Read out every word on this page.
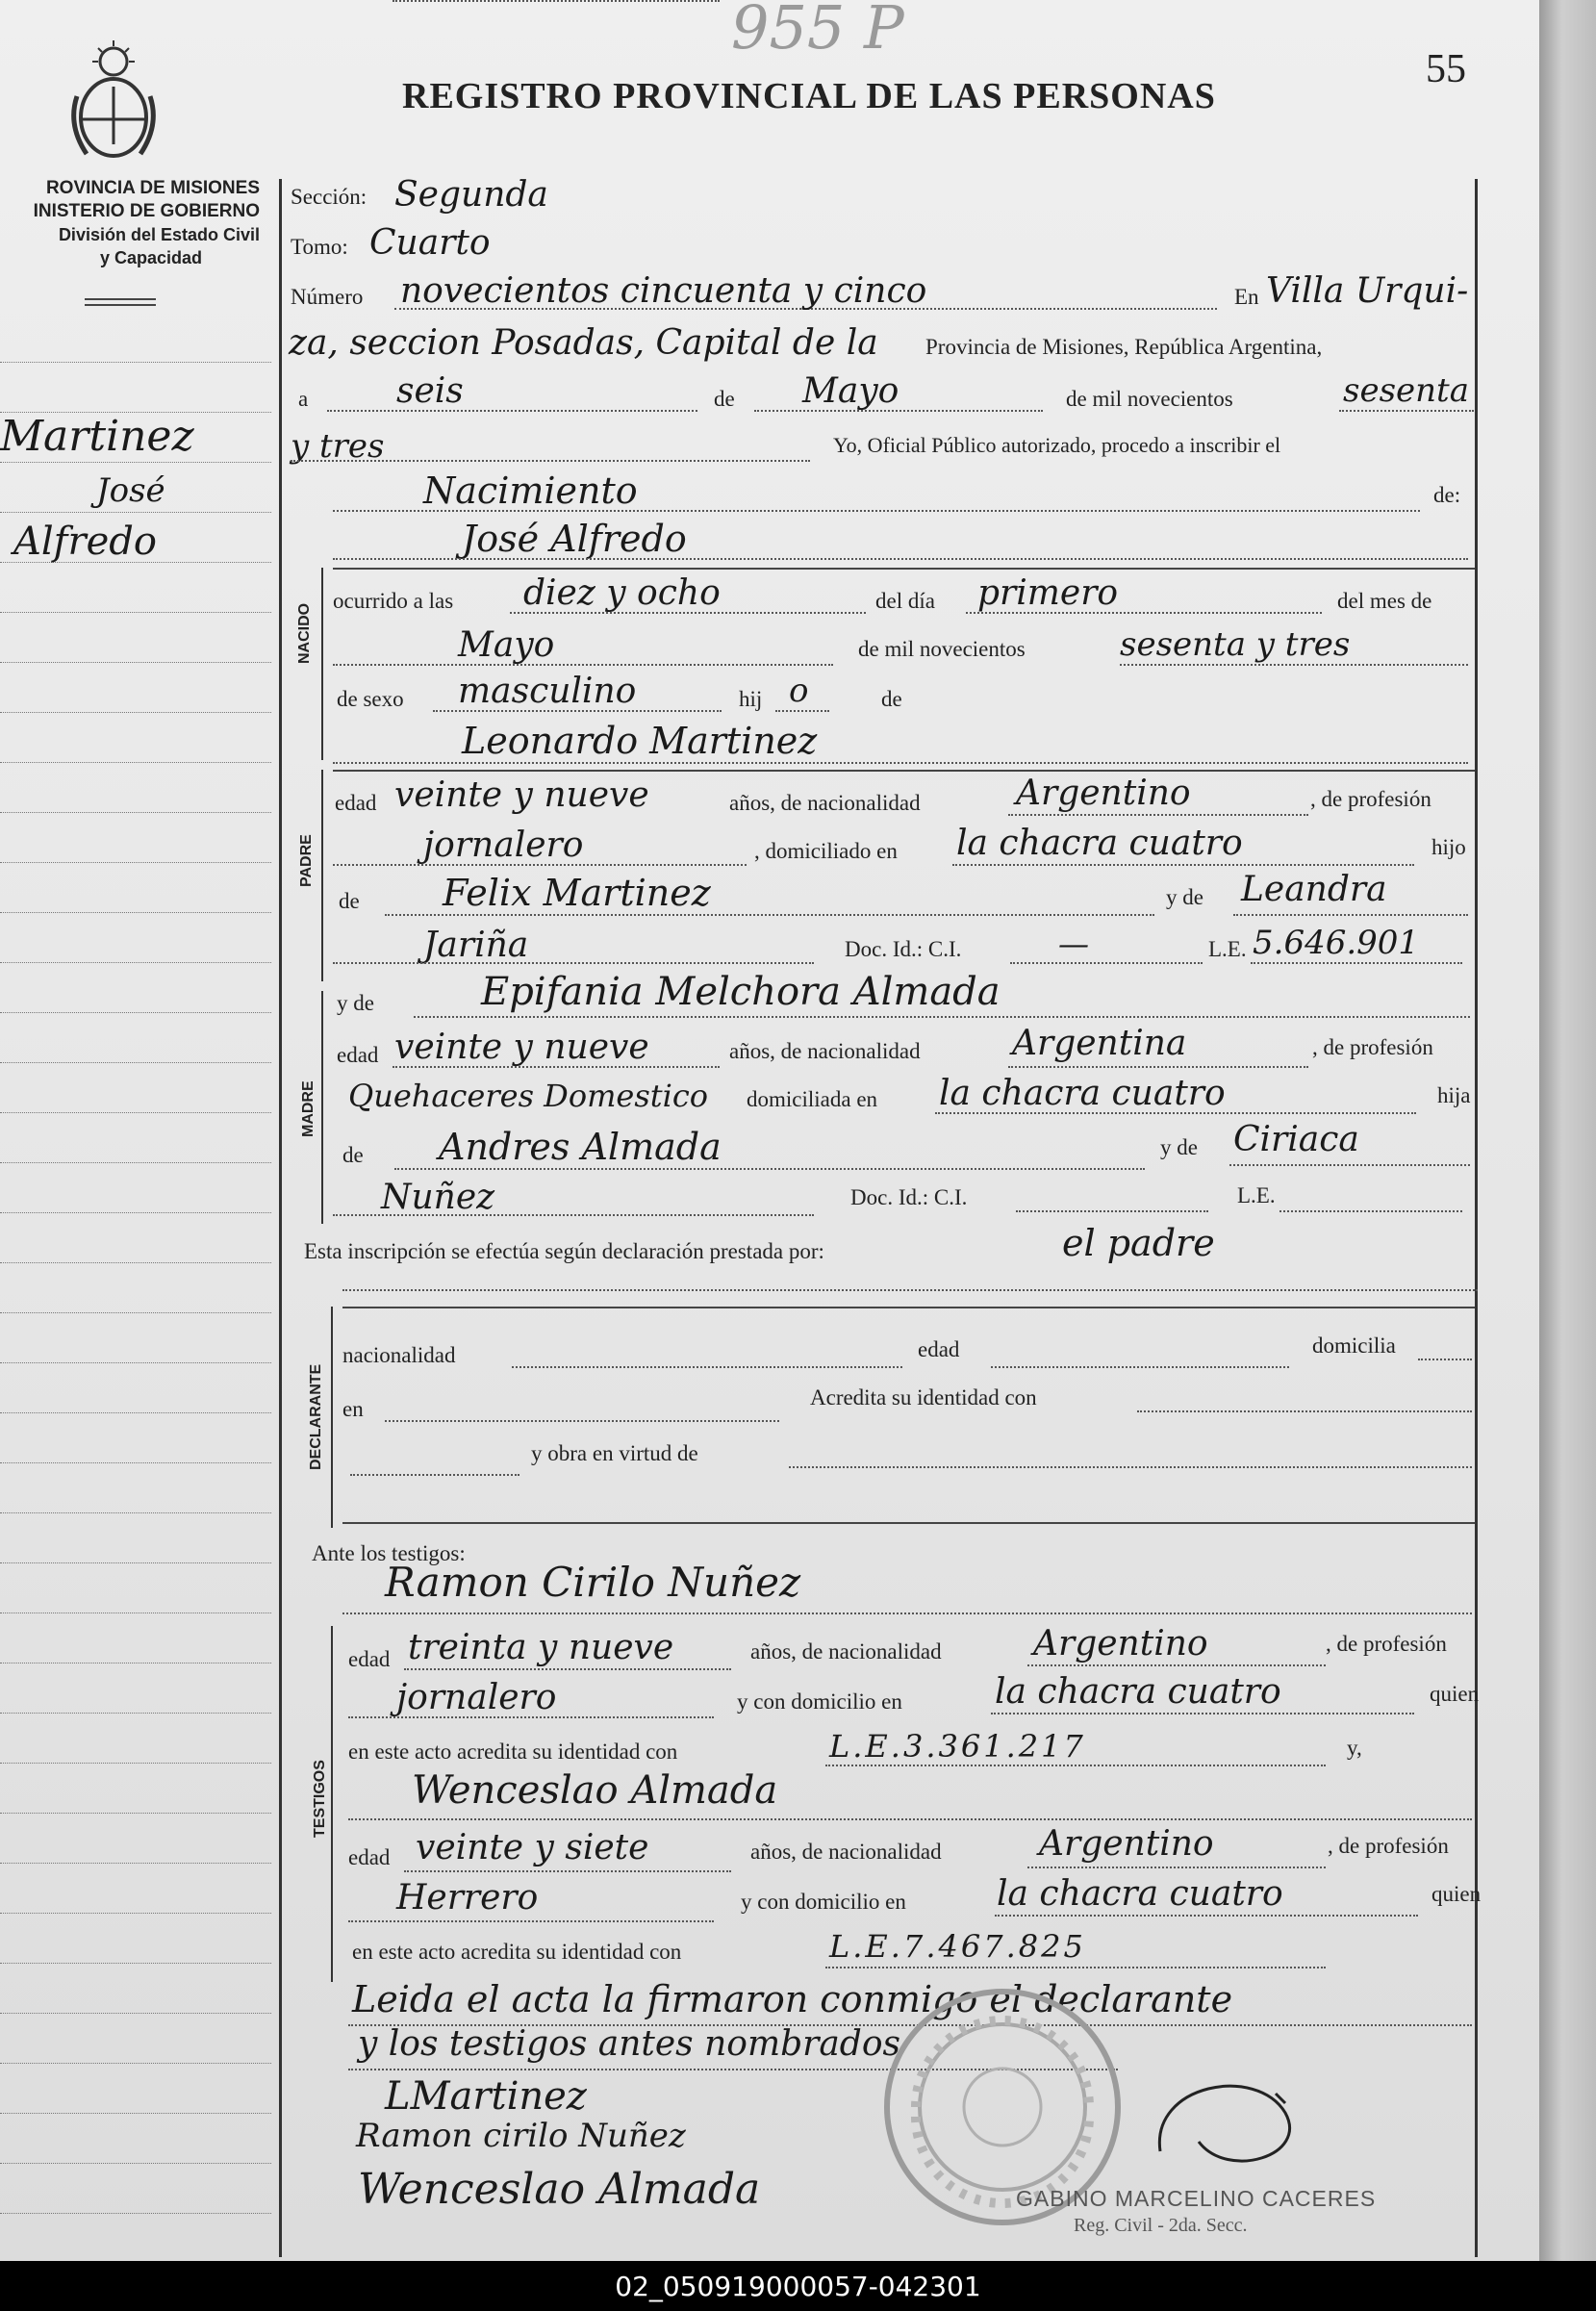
955 P
55
REGISTRO PROVINCIAL DE LAS PERSONAS
ROVINCIA DE MISIONES
INISTERIO DE GOBIERNO
División del Estado Civil
y Capacidad
Martinez
José
Alfredo
Sección: Segunda
Tomo: Cuarto
Número novecientos cincuenta y cinco	En Villa Urqui-
za, seccion Posadas, Capital de la Provincia de Misiones, República Argentina,
a	seis	de Mayo	de mil novecientos	sesenta
y tres	Yo, Oficial Público autorizado, procedo a inscribir el
Nacimiento	de:
José Alfredo
NACIDO
ocurrido a las diez y ocho	del día primero	del mes de
Mayo	de mil novecientos	sesenta y tres
de sexo masculino	hij o	de
Leonardo Martinez
PADRE
edad veinte y nueve	años, de nacionalidad	Argentino	, de profesión
jornalero	, domiciliado en la chacra cuatro	hijo
de Felix Martinez	y de Leandra
Jariña	Doc. Id.: C.I.	—	L.E. 5.646.901
MADRE
y de	Epifania Melchora Almada
edad veinte y nueve	años, de nacionalidad	Argentina	, de profesión
Quehaceres Domestico domiciliada en la chacra cuatro	hija
de Andres Almada	y de Ciriaca
Nuñez	Doc. Id.: C.I.	L.E.
Esta inscripción se efectúa según declaración prestada por:	el padre
DECLARANTE
nacionalidad	edad	domicilia
en	Acredita su identidad con
y obra en virtud de
Ante los testigos:
Ramon Cirilo Nuñez
TESTIGOS
edad treinta y nueve	años, de nacionalidad	Argentino	, de profesión
jornalero	y con domicilio en	la chacra cuatro	quien
en este acto acredita su identidad con	L.E.3.361.217	y,
Wenceslao Almada
edad veinte y siete	años, de nacionalidad	Argentino	, de profesión
Herrero	y con domicilio en	la chacra cuatro	quien
en este acto acredita su identidad con	L.E.7.467.825
Leida el acta la firmaron conmigo el declarante
y los testigos antes nombrados
LMartinez
Ramon cirilo Nuñez
Wenceslao Almada	GABINO MARCELINO CACERES
Reg. Civil - 2da. Secc.
02_050919000057-042301
